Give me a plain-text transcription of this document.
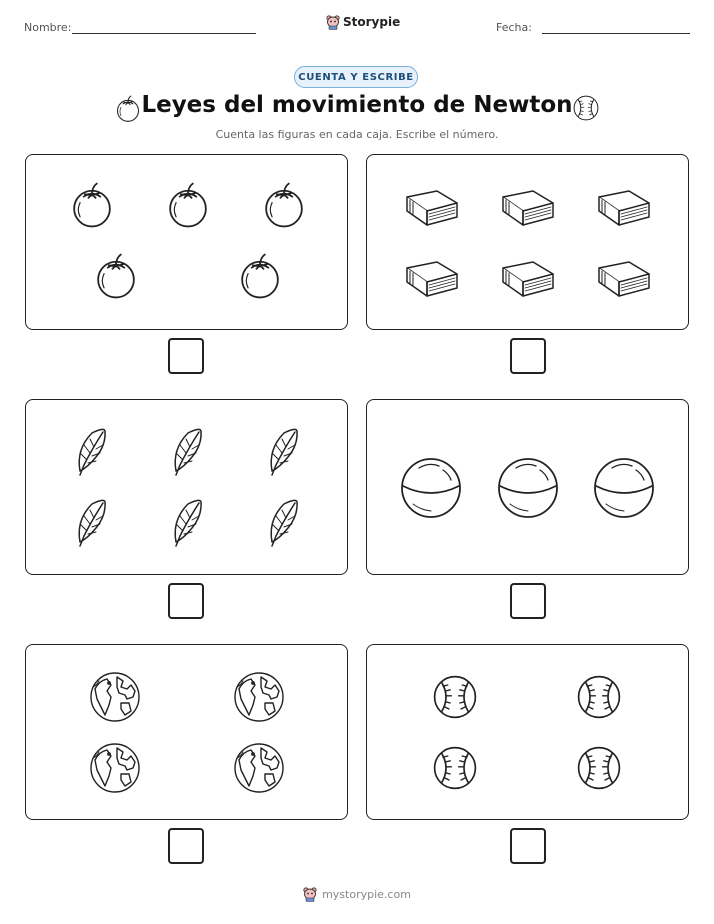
Nombre:	Storypie	Fecha:
CUENTA Y ESCRIBE
Leyes del movimiento de Newton
Cuenta las figuras en cada caja. Escribe el número.
mystorypie.com
